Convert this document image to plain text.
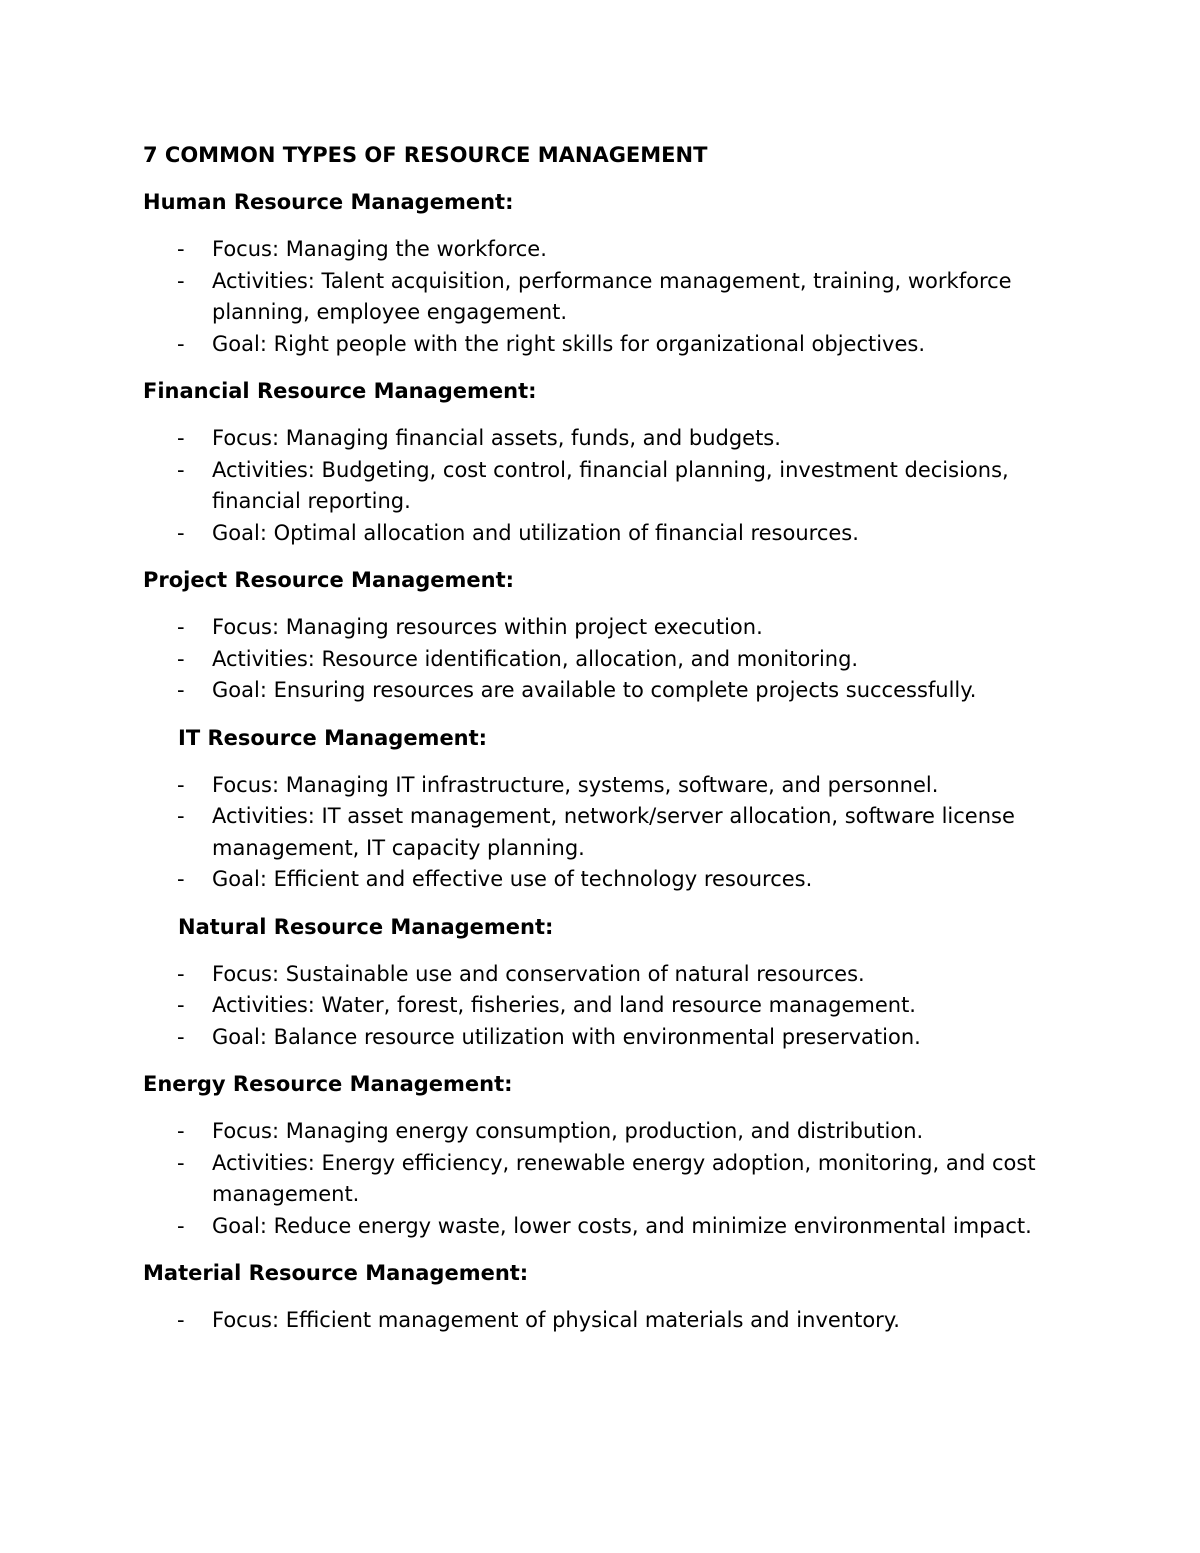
7 COMMON TYPES OF RESOURCE MANAGEMENT
Human Resource Management:
- Focus: Managing the workforce.
- Activities: Talent acquisition, performance management, training, workforce planning, employee engagement.
- Goal: Right people with the right skills for organizational objectives.
Financial Resource Management:
- Focus: Managing financial assets, funds, and budgets.
- Activities: Budgeting, cost control, financial planning, investment decisions, financial reporting.
- Goal: Optimal allocation and utilization of financial resources.
Project Resource Management:
- Focus: Managing resources within project execution.
- Activities: Resource identification, allocation, and monitoring.
- Goal: Ensuring resources are available to complete projects successfully.
IT Resource Management:
- Focus: Managing IT infrastructure, systems, software, and personnel.
- Activities: IT asset management, network/server allocation, software license management, IT capacity planning.
- Goal: Efficient and effective use of technology resources.
Natural Resource Management:
- Focus: Sustainable use and conservation of natural resources.
- Activities: Water, forest, fisheries, and land resource management.
- Goal: Balance resource utilization with environmental preservation.
Energy Resource Management:
- Focus: Managing energy consumption, production, and distribution.
- Activities: Energy efficiency, renewable energy adoption, monitoring, and cost management.
- Goal: Reduce energy waste, lower costs, and minimize environmental impact.
Material Resource Management:
- Focus: Efficient management of physical materials and inventory.
